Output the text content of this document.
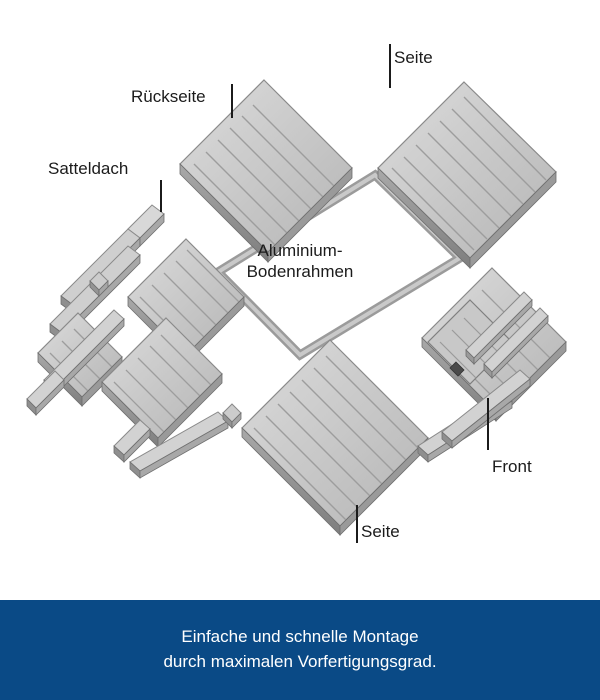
Seite
Rückseite
Satteldach
Aluminium-
Bodenrahmen
Front
Seite
Einfache und schnelle Montage
durch maximalen Vorfertigungsgrad.
